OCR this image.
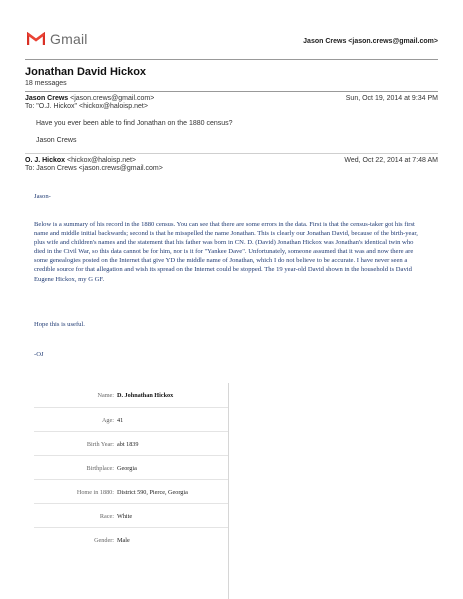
Gmail	Jason Crews <jason.crews@gmail.com>
Jonathan David Hickox
18 messages
Jason Crews <jason.crews@gmail.com>
To: "O.J. Hickox" <hickox@haloisp.net>
Sun, Oct 19, 2014 at 9:34 PM
Have you ever been able to find Jonathan on the 1880 census?
Jason Crews
O. J. Hickox <hickox@haloisp.net>
To: Jason Crews <jason.crews@gmail.com>
Wed, Oct 22, 2014 at 7:48 AM
Jason-

Below is a summary of his record in the 1880 census. You can see that there are some errors in the data. First is that the census-taker got his first name and middle initial backwards; second is that he misspelled the name Jonathan. This is clearly our Jonathan David, because of the birth-year, plus wife and children's names and the statement that his father was born in CN. D. (David) Jonathan Hickox was Jonathan's identical twin who died in the Civil War, so this data cannot be for him, nor is it for "Yankee Dave". Unfortunately, someone assumed that it was and now there are some genealogies posted on the Internet that give YD the middle name of Jonathan, which I do not believe to be accurate. I have never seen a credible source for that allegation and wish its spread on the Internet could be stopped. The 19 year-old David shown in the household is David Eugene Hickox, my G GF.

Hope this is useful.
-OJ
Name: D. Johnathan Hickox
Age: 41
Birth Year: abt 1839
Birthplace: Georgia
Home in 1880: District 590, Pierce, Georgia
Race: White
Gender: Male
